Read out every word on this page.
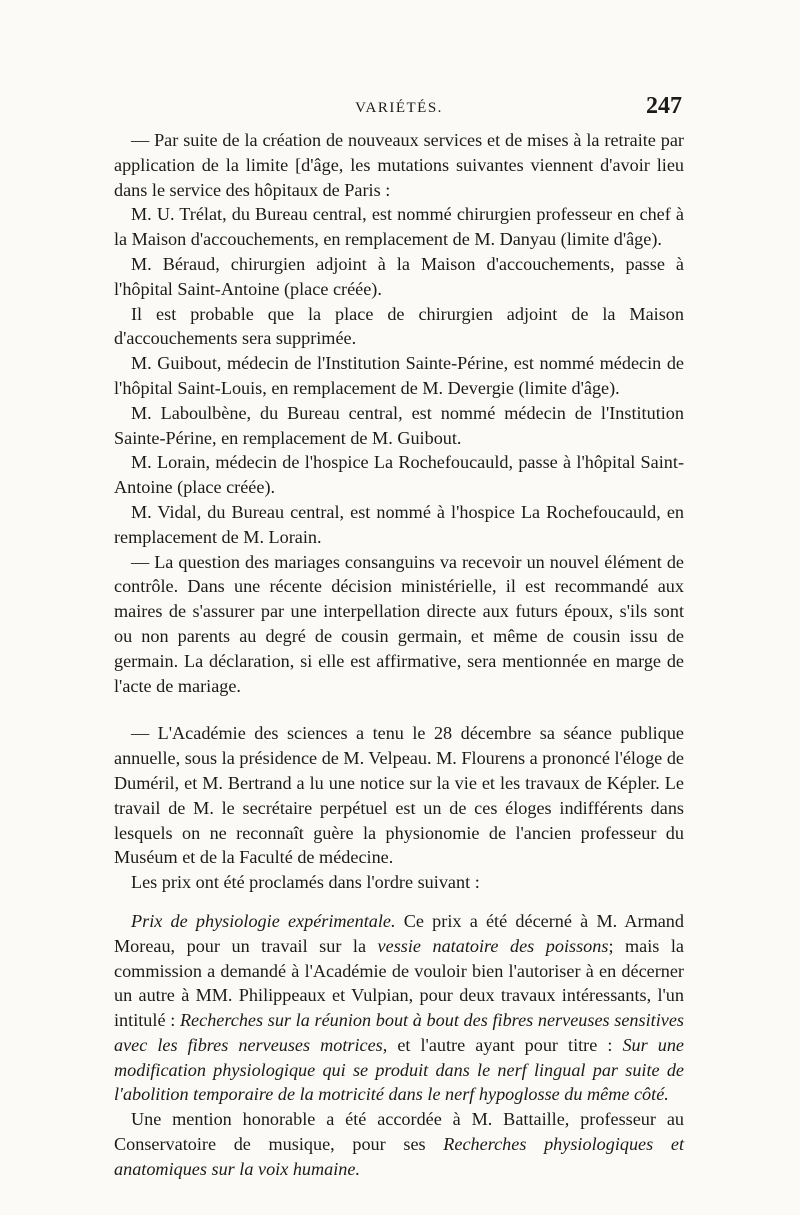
VARIÉTÉS.	247

— Par suite de la création de nouveaux services et de mises à la retraite par application de la limite [d'âge, les mutations suivantes viennent d'avoir lieu dans le service des hôpitaux de Paris :

M. U. Trélat, du Bureau central, est nommé chirurgien professeur en chef à la Maison d'accouchements, en remplacement de M. Danyau (limite d'âge).

M. Béraud, chirurgien adjoint à la Maison d'accouchements, passe à l'hôpital Saint-Antoine (place créée).

Il est probable que la place de chirurgien adjoint de la Maison d'accouchements sera supprimée.

M. Guibout, médecin de l'Institution Sainte-Périne, est nommé médecin de l'hôpital Saint-Louis, en remplacement de M. Devergie (limite d'âge).

M. Laboulbène, du Bureau central, est nommé médecin de l'Institution Sainte-Périne, en remplacement de M. Guibout.

M. Lorain, médecin de l'hospice La Rochefoucauld, passe à l'hôpital Saint-Antoine (place créée).

M. Vidal, du Bureau central, est nommé à l'hospice La Rochefoucauld, en remplacement de M. Lorain.

— La question des mariages consanguins va recevoir un nouvel élément de contrôle. Dans une récente décision ministérielle, il est recommandé aux maires de s'assurer par une interpellation directe aux futurs époux, s'ils sont ou non parents au degré de cousin germain, et même de cousin issu de germain. La déclaration, si elle est affirmative, sera mentionnée en marge de l'acte de mariage.

— L'Académie des sciences a tenu le 28 décembre sa séance publique annuelle, sous la présidence de M. Velpeau. M. Flourens a prononcé l'éloge de Duméril, et M. Bertrand a lu une notice sur la vie et les travaux de Képler. Le travail de M. le secrétaire perpétuel est un de ces éloges indifférents dans lesquels on ne reconnaît guère la physionomie de l'ancien professeur du Muséum et de la Faculté de médecine.

Les prix ont été proclamés dans l'ordre suivant :

Prix de physiologie expérimentale. Ce prix a été décerné à M. Armand Moreau, pour un travail sur la vessie natatoire des poissons; mais la commission a demandé à l'Académie de vouloir bien l'autoriser à en décerner un autre à MM. Philippeaux et Vulpian, pour deux travaux intéressants, l'un intitulé : Recherches sur la réunion bout à bout des fibres nerveuses sensitives avec les fibres nerveuses motrices, et l'autre ayant pour titre : Sur une modification physiologique qui se produit dans le nerf lingual par suite de l'abolition temporaire de la motricité dans le nerf hypoglosse du même côté.

Une mention honorable a été accordée à M. Battaille, professeur au Conservatoire de musique, pour ses Recherches physiologiques et anatomiques sur la voix humaine.
